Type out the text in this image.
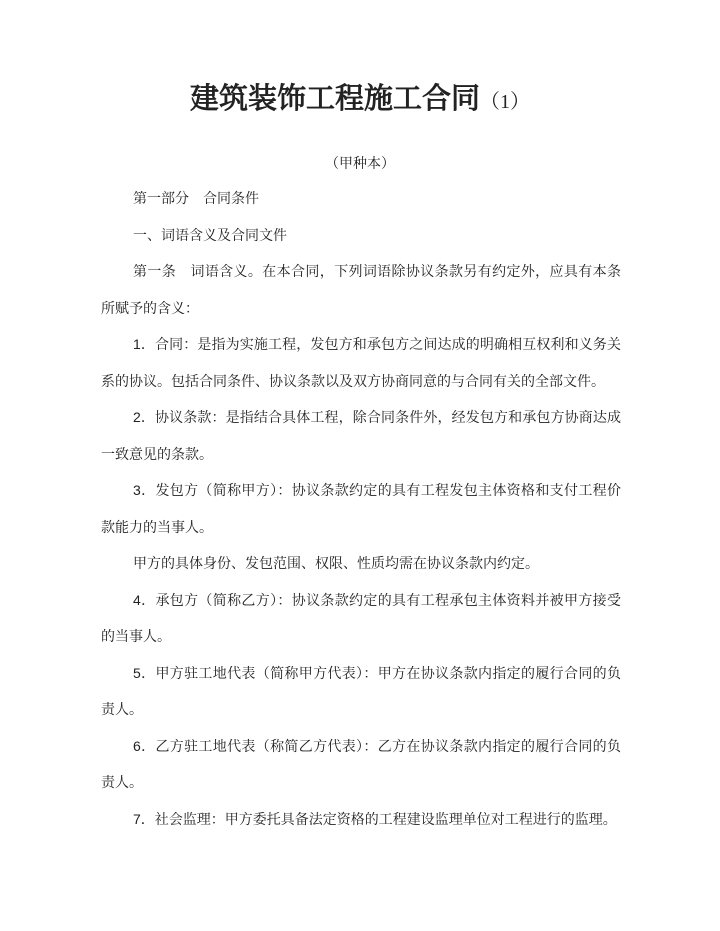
建筑装饰工程施工合同（1）
（甲种本）

第一部分　合同条件

一、词语含义及合同文件

第一条　词语含义。在本合同，下列词语除协议条款另有约定外，应具有本条所赋予的含义：

1．合同：是指为实施工程，发包方和承包方之间达成的明确相互权利和义务关系的协议。包括合同条件、协议条款以及双方协商同意的与合同有关的全部文件。

2．协议条款：是指结合具体工程，除合同条件外，经发包方和承包方协商达成一致意见的条款。

3．发包方（简称甲方）：协议条款约定的具有工程发包主体资格和支付工程价款能力的当事人。

甲方的具体身份、发包范围、权限、性质均需在协议条款内约定。

4．承包方（简称乙方）：协议条款约定的具有工程承包主体资料并被甲方接受的当事人。

5．甲方驻工地代表（简称甲方代表）：甲方在协议条款内指定的履行合同的负责人。

6．乙方驻工地代表（称简乙方代表）：乙方在协议条款内指定的履行合同的负责人。

7．社会监理：甲方委托具备法定资格的工程建设监理单位对工程进行的监理。
